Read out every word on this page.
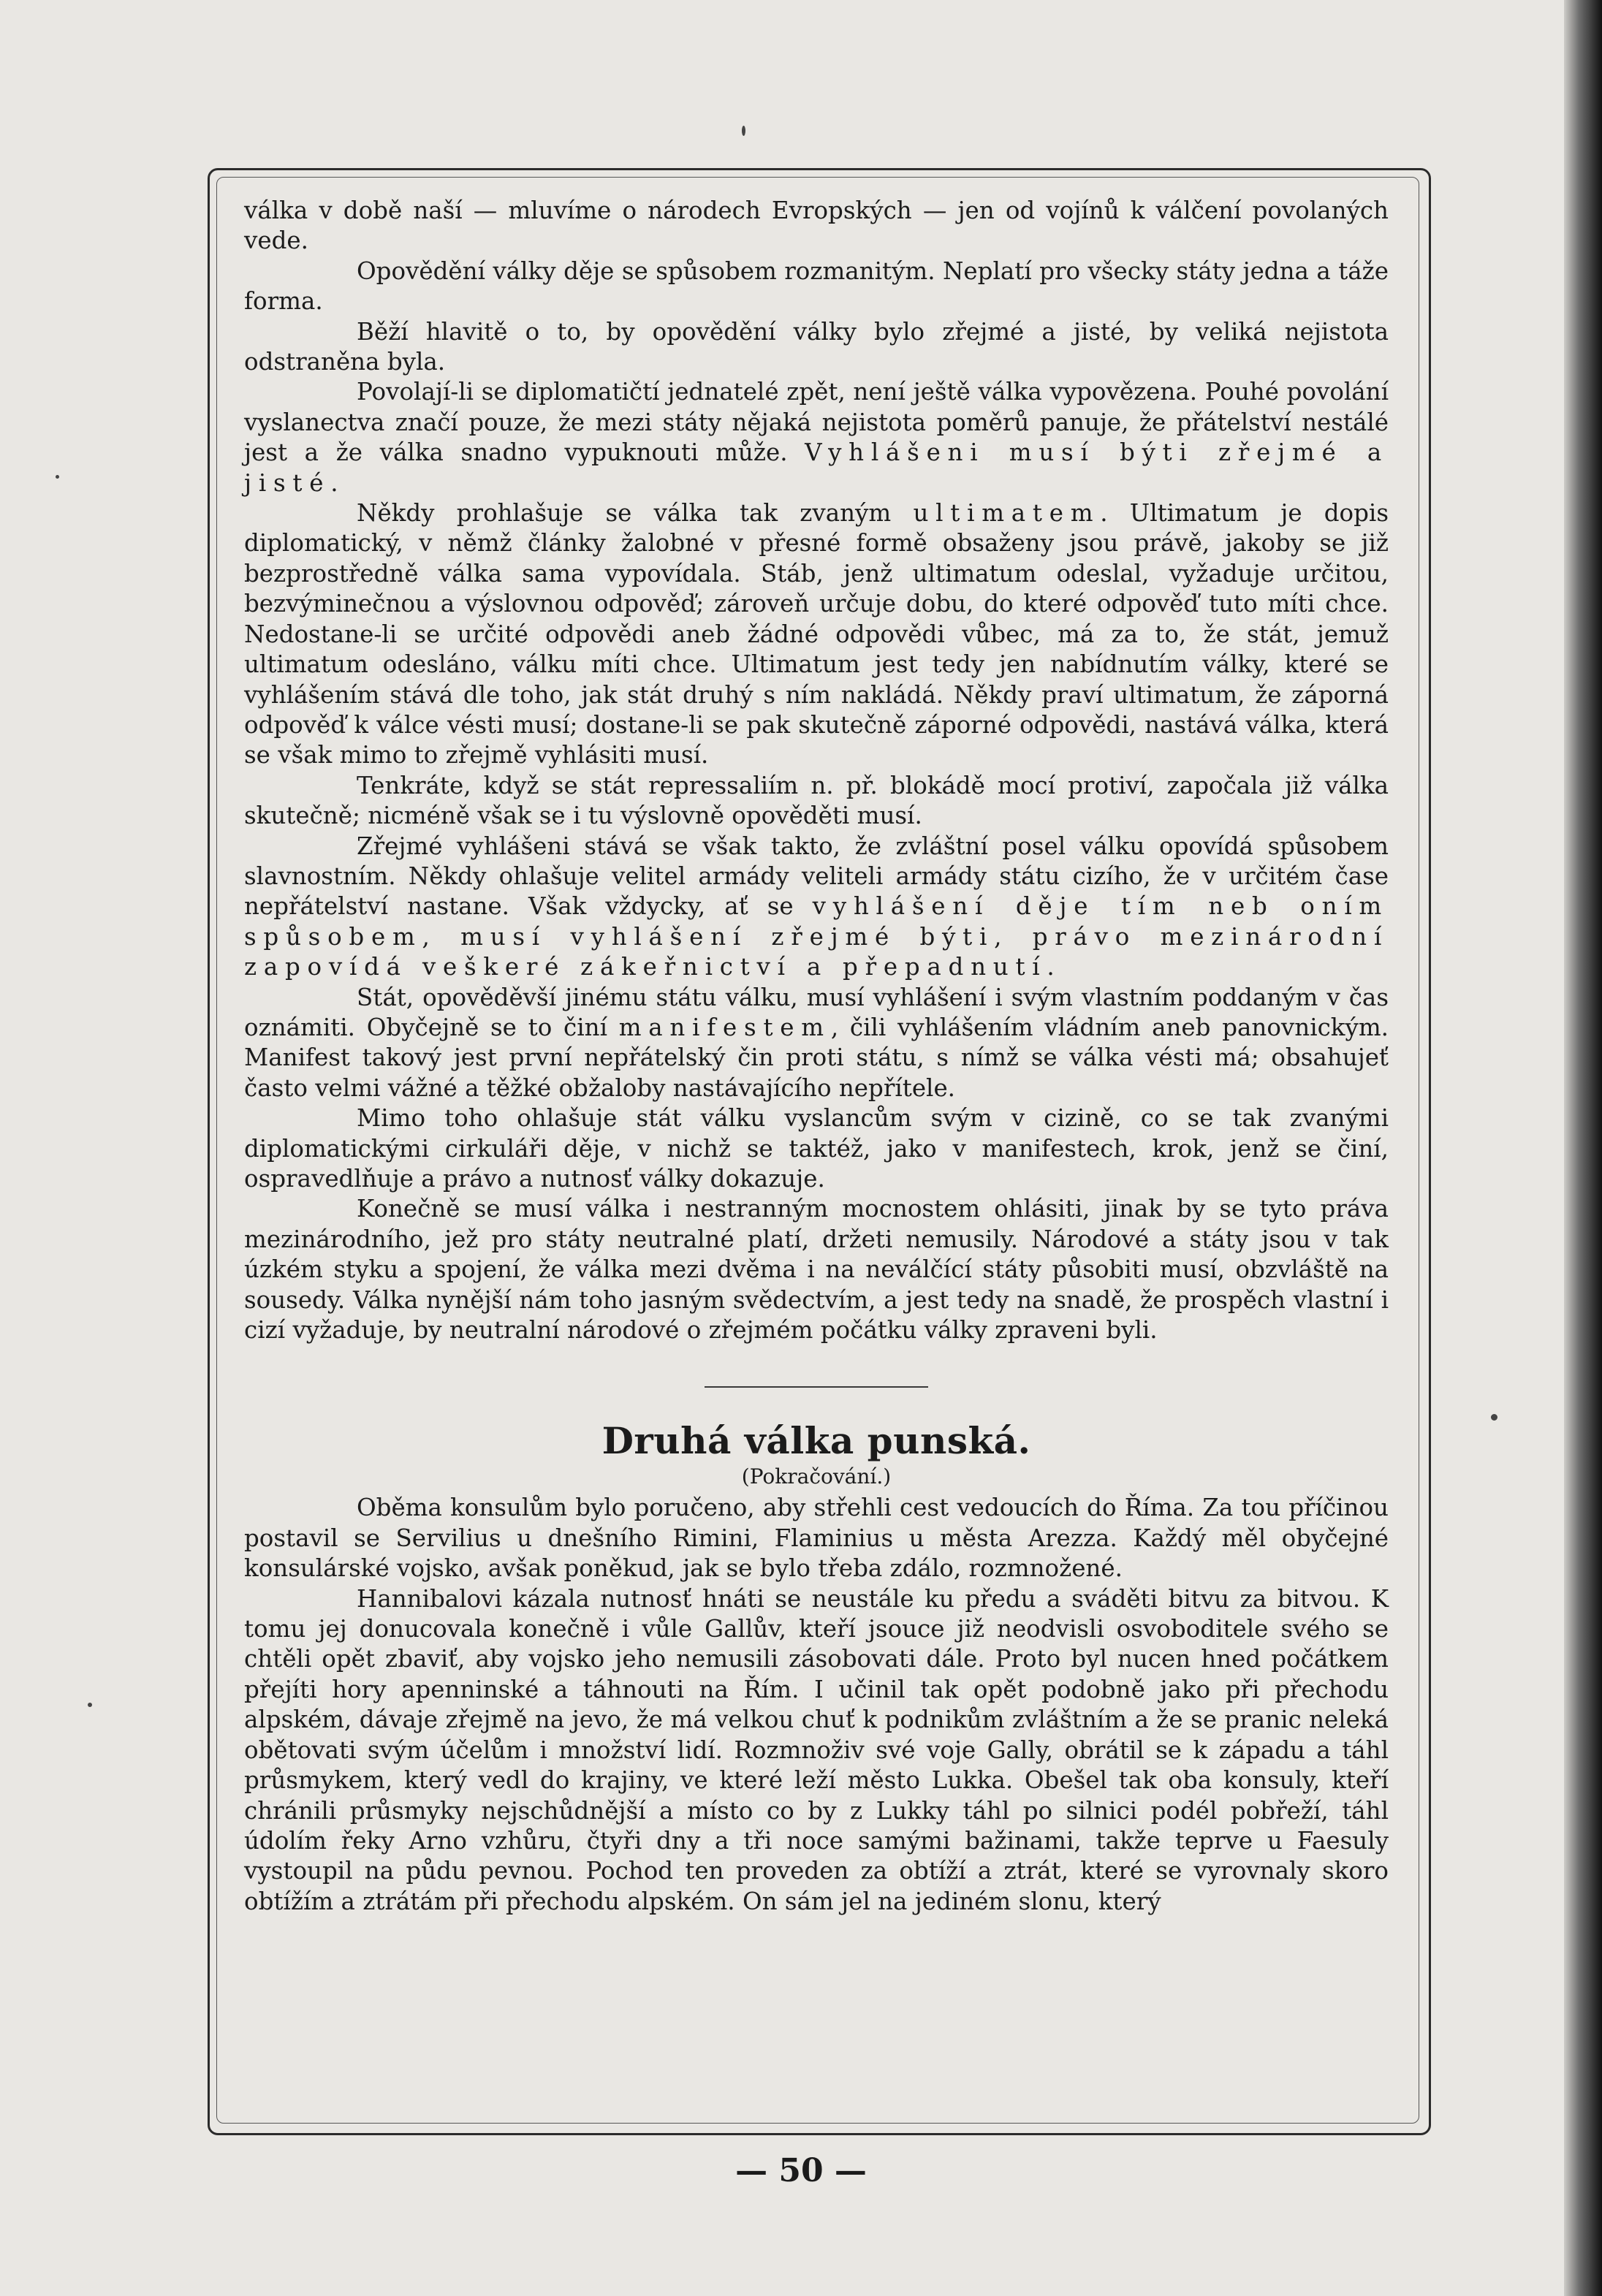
válka v době naší — mluvíme o národech Evropských — jen od vojínů k válčení povolaných vede.

Opovědění války děje se spůsobem rozmanitým. Neplatí pro všecky státy jedna a táže forma.

Běží hlavitě o to, by opovědění války bylo zřejmé a jisté, by veliká nejistota odstraněna byla.

Povolají-li se diplomatičtí jednatelé zpět, není ještě válka vypovězena. Pouhé povolání vyslanectva značí pouze, že mezi státy nějaká nejistota poměrů panuje, že přátelství nestálé jest a že válka snadno vypuknouti může. Vyhlášeni musí býti zřejmé a jisté.

Někdy prohlašuje se válka tak zvaným ultimatem. Ultimatum je dopis diplomatický, v němž články žalobné v přesné formě obsaženy jsou právě, jakoby se již bezprostředně válka sama vypovídala. Stáb, jenž ultimatum odeslal, vyžaduje určitou, bezvýminečnou a výslovnou odpověď; zároveň určuje dobu, do které odpověď tuto míti chce. Nedostane-li se určité odpovědi aneb žádné odpovědi vůbec, má za to, že stát, jemuž ultimatum odesláno, válku míti chce. Ultimatum jest tedy jen nabídnutím války, které se vyhlášením stává dle toho, jak stát druhý s ním nakládá. Někdy praví ultimatum, že záporná odpověď k válce vésti musí; dostane-li se pak skutečně záporné odpovědi, nastává válka, která se však mimo to zřejmě vyhlásiti musí.

Tenkráte, když se stát repressaliím n. př. blokádě mocí protiví, započala již válka skutečně; nicméně však se i tu výslovně opověděti musí.

Zřejmé vyhlášeni stává se však takto, že zvláštní posel válku opovídá spůsobem slavnostním. Někdy ohlašuje velitel armády veliteli armády státu cizího, že v určitém čase nepřátelství nastane. Však vždycky, ať se vyhlášení děje tím neb oním spůsobem, musí vyhlášení zřejmé býti, právo mezinárodní zapovídá veškeré zákeřnictví a přepadnutí.

Stát, opověděvší jinému státu válku, musí vyhlášení i svým vlastním poddaným v čas oznámiti. Obyčejně se to činí manifestem, čili vyhlášením vládním aneb panovnickým. Manifest takový jest první nepřátelský čin proti státu, s nímž se válka vésti má; obsahujeť často velmi vážné a těžké obžaloby nastávajícího nepřítele.

Mimo toho ohlašuje stát válku vyslancům svým v cizině, co se tak zvanými diplomatickými cirkuláři děje, v nichž se taktéž, jako v manifestech, krok, jenž se činí, ospravedlňuje a právo a nutnosť války dokazuje.

Konečně se musí válka i nestranným mocnostem ohlásiti, jinak by se tyto práva mezinárodního, jež pro státy neutralné platí, držeti nemusily. Národové a státy jsou v tak úzkém styku a spojení, že válka mezi dvěma i na neválčící státy působiti musí, obzvláště na sousedy. Válka nynější nám toho jasným svědectvím, a jest tedy na snadě, že prospěch vlastní i cizí vyžaduje, by neutralní národové o zřejmém počátku války zpraveni byli.

Druhá válka punská.
(Pokračování.)

Oběma konsulům bylo poručeno, aby střehli cest vedoucích do Říma. Za tou příčinou postavil se Servilius u dnešního Rimini, Flaminius u města Arezza. Každý měl obyčejné konsulárské vojsko, avšak poněkud, jak se bylo třeba zdálo, rozmnožené.

Hannibalovi kázala nutnosť hnáti se neustále ku předu a sváděti bitvu za bitvou. K tomu jej donucovala konečně i vůle Gallův, kteří jsouce již neodvisli osvoboditele svého se chtěli opět zbaviť, aby vojsko jeho nemusili zásobovati dále. Proto byl nucen hned počátkem přejíti hory apenninské a táhnouti na Řím. I učinil tak opět podobně jako při přechodu alpském, dávaje zřejmě na jevo, že má velkou chuť k podnikům zvláštním a že se pranic neleká obětovati svým účelům i množství lidí. Rozmnoživ své voje Gally, obrátil se k západu a táhl průsmykem, který vedl do krajiny, ve které leží město Lukka. Obešel tak oba konsuly, kteří chránili průsmyky nejschůdnější a místo co by z Lukky táhl po silnici podél pobřeží, táhl údolím řeky Arno vzhůru, čtyři dny a tři noce samými bažinami, takže teprve u Faesuly vystoupil na půdu pevnou. Pochod ten proveden za obtíží a ztrát, které se vyrovnaly skoro obtížím a ztrátám při přechodu alpském. On sám jel na jediném slonu, který

— 50 —
